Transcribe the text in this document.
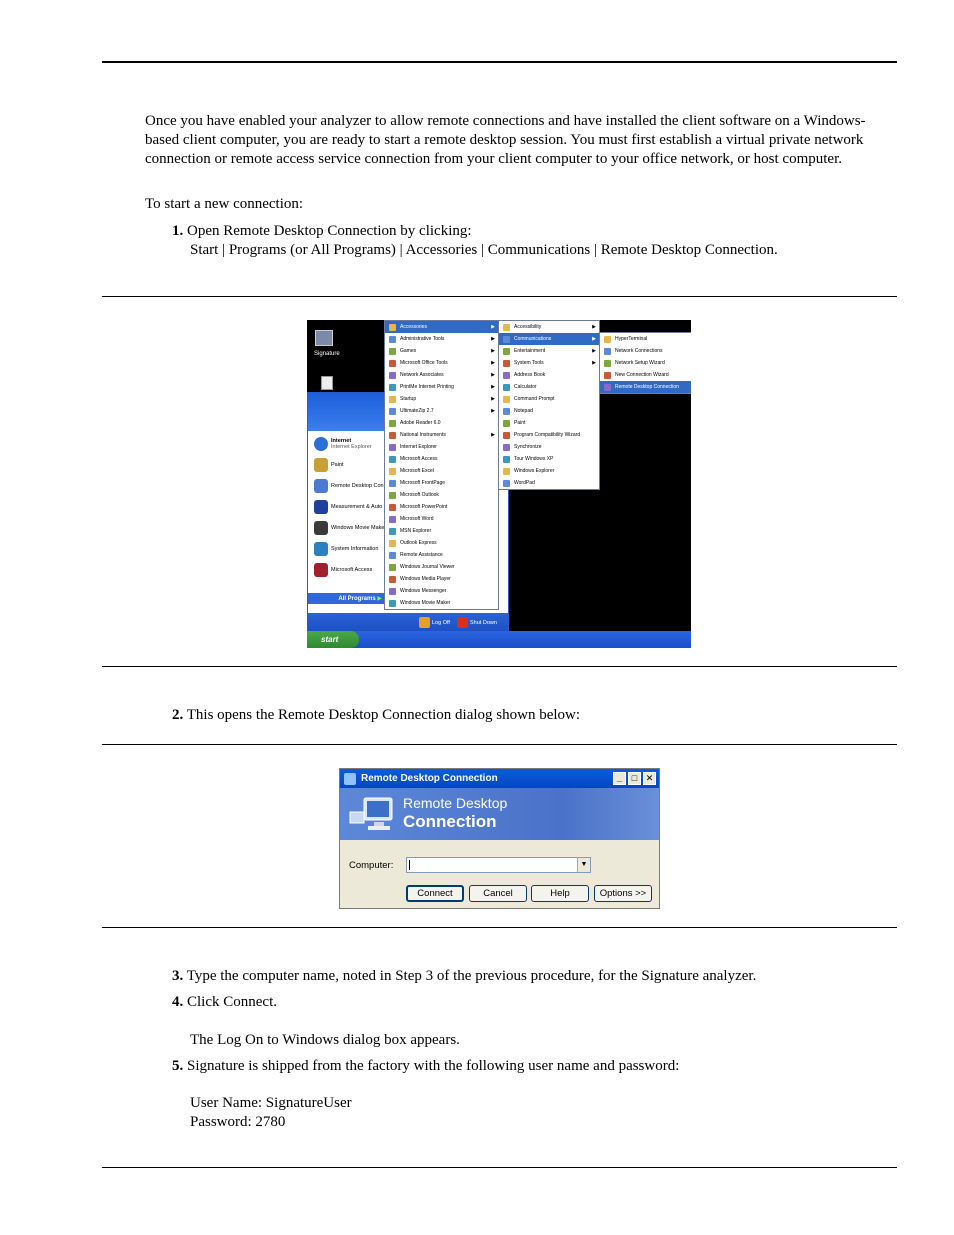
Once you have enabled your analyzer to allow remote connections and have installed the client software on a Windows-based client computer, you are ready to start a remote desktop session. You must first establish a virtual private network connection or remote access service connection from your client computer to your office network, or host computer.
To start a new connection:
1. Open Remote Desktop Connection by clicking:
Start | Programs (or All Programs) | Accessories | Communications | Remote Desktop Connection.
Signature
Internet
Internet Explorer
Paint
Remote Desktop Con
Measurement & Auto
Windows Movie Make
System Information
Microsoft Access
All Programs
▶
Log Off	Shut Down
Accessories	▶
Administrative Tools	▶
Games	▶
Microsoft Office Tools	▶
Network Associates	▶
PrintMe Internet Printing	▶
Startup	▶
UltimateZip 2.7	▶
Adobe Reader 6.0
National Instruments	▶
Internet Explorer
Microsoft Access
Microsoft Excel
Microsoft FrontPage
Microsoft Outlook
Microsoft PowerPoint
Microsoft Word
MSN Explorer
Outlook Express
Remote Assistance
Windows Journal Viewer
Windows Media Player
Windows Messenger
Windows Movie Maker
Accessibility	▶
Communications	▶
Entertainment	▶
System Tools	▶
Address Book
Calculator
Command Prompt
Notepad
Paint
Program Compatibility Wizard
Synchronize
Tour Windows XP
Windows Explorer
WordPad
HyperTerminal
Network Connections
Network Setup Wizard
New Connection Wizard
Remote Desktop Connection
start
2. This opens the Remote Desktop Connection dialog shown below:
Remote Desktop Connection	_	□ ✕
Remote Desktop
Connection
Computer:	▼
Connect	Cancel	Help	Options >>
3. Type the computer name, noted in Step 3 of the previous procedure, for the Signature analyzer.
4. Click Connect.
The Log On to Windows dialog box appears.
5. Signature is shipped from the factory with the following user name and password:
User Name: SignatureUser
Password: 2780
